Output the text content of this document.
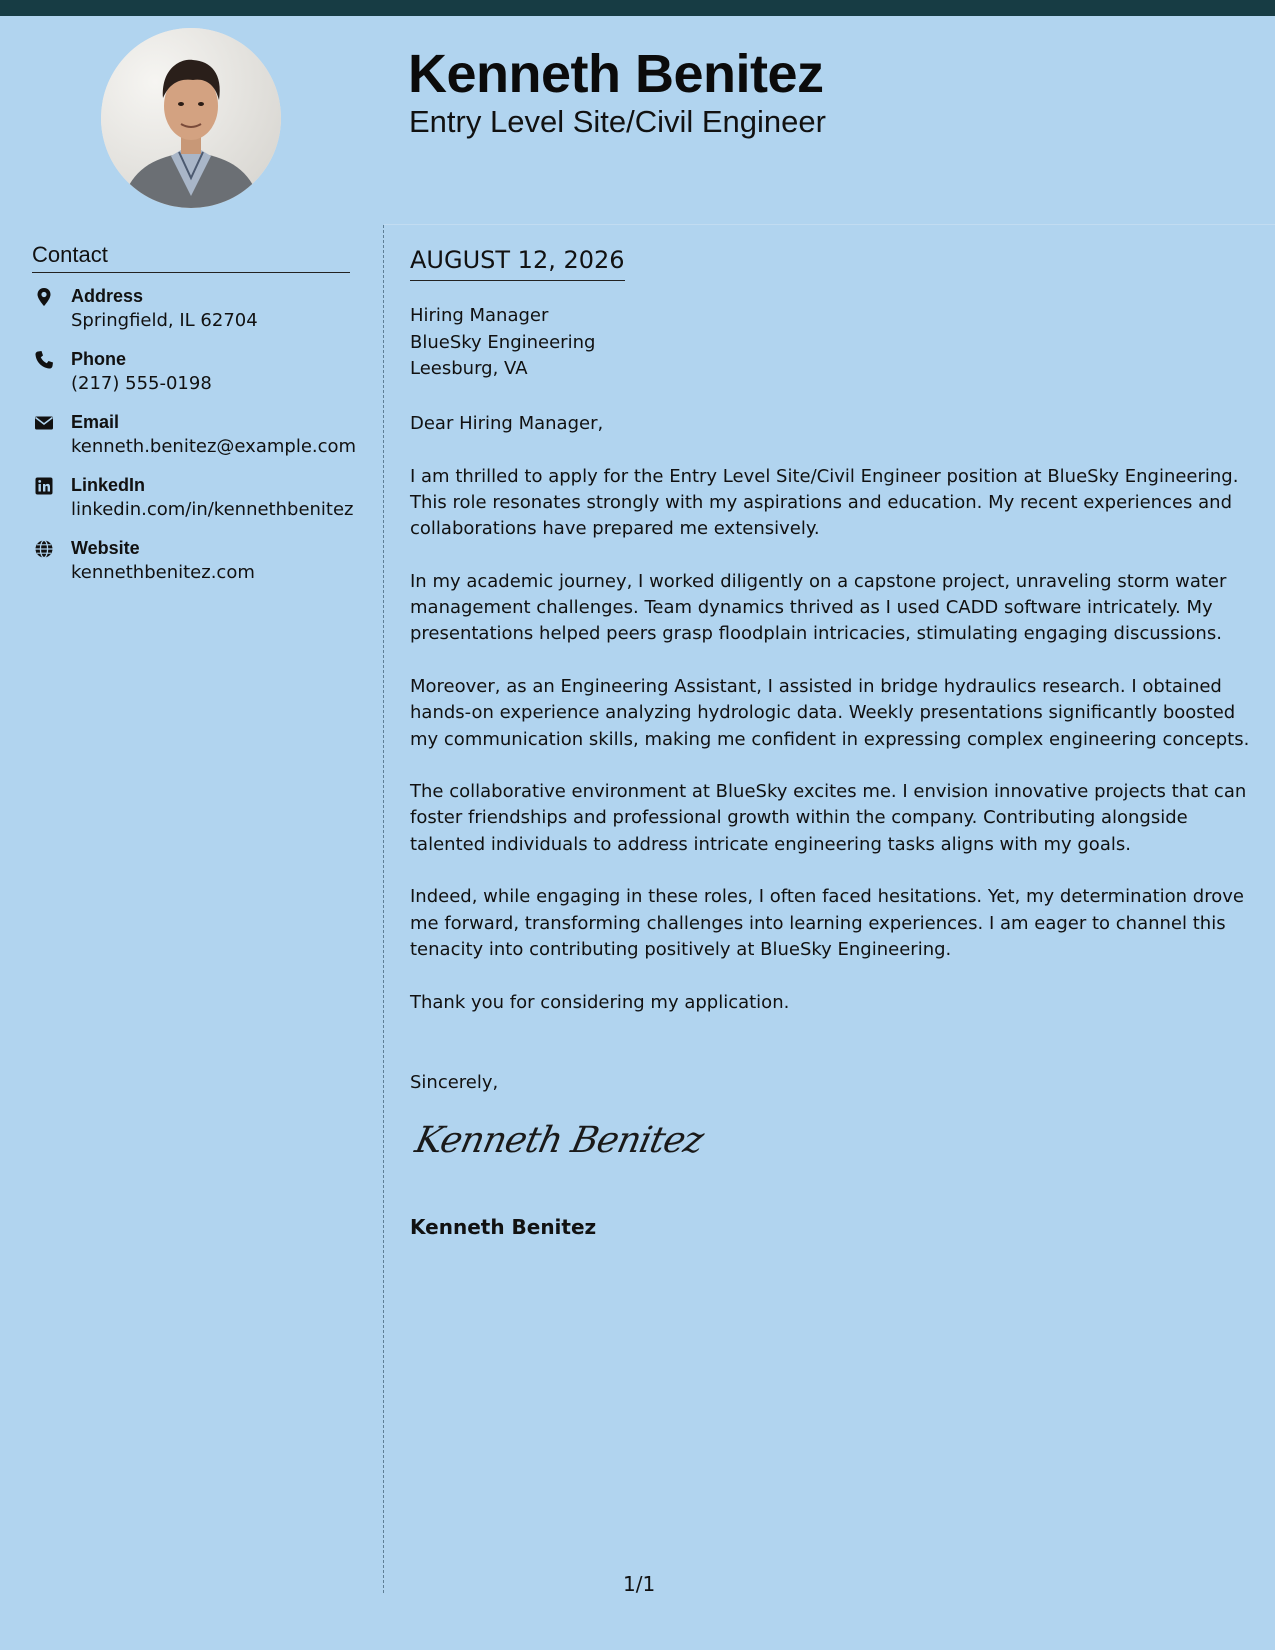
Kenneth Benitez
Entry Level Site/Civil Engineer
Contact
Address
Springfield, IL 62704
Phone
(217) 555-0198
Email
kenneth.benitez@example.com
LinkedIn
linkedin.com/in/kennethbenitez
Website
kennethbenitez.com
AUGUST 12, 2026
Hiring Manager
BlueSky Engineering
Leesburg, VA

Dear Hiring Manager,

I am thrilled to apply for the Entry Level Site/Civil Engineer position at BlueSky Engineering. This role resonates strongly with my aspirations and education. My recent experiences and collaborations have prepared me extensively.

In my academic journey, I worked diligently on a capstone project, unraveling storm water management challenges. Team dynamics thrived as I used CADD software intricately. My presentations helped peers grasp floodplain intricacies, stimulating engaging discussions.

Moreover, as an Engineering Assistant, I assisted in bridge hydraulics research. I obtained hands-on experience analyzing hydrologic data. Weekly presentations significantly boosted my communication skills, making me confident in expressing complex engineering concepts.

The collaborative environment at BlueSky excites me. I envision innovative projects that can foster friendships and professional growth within the company. Contributing alongside talented individuals to address intricate engineering tasks aligns with my goals.

Indeed, while engaging in these roles, I often faced hesitations. Yet, my determination drove me forward, transforming challenges into learning experiences. I am eager to channel this tenacity into contributing positively at BlueSky Engineering.

Thank you for considering my application.

Sincerely,
Kenneth Benitez
Kenneth Benitez
1/1
